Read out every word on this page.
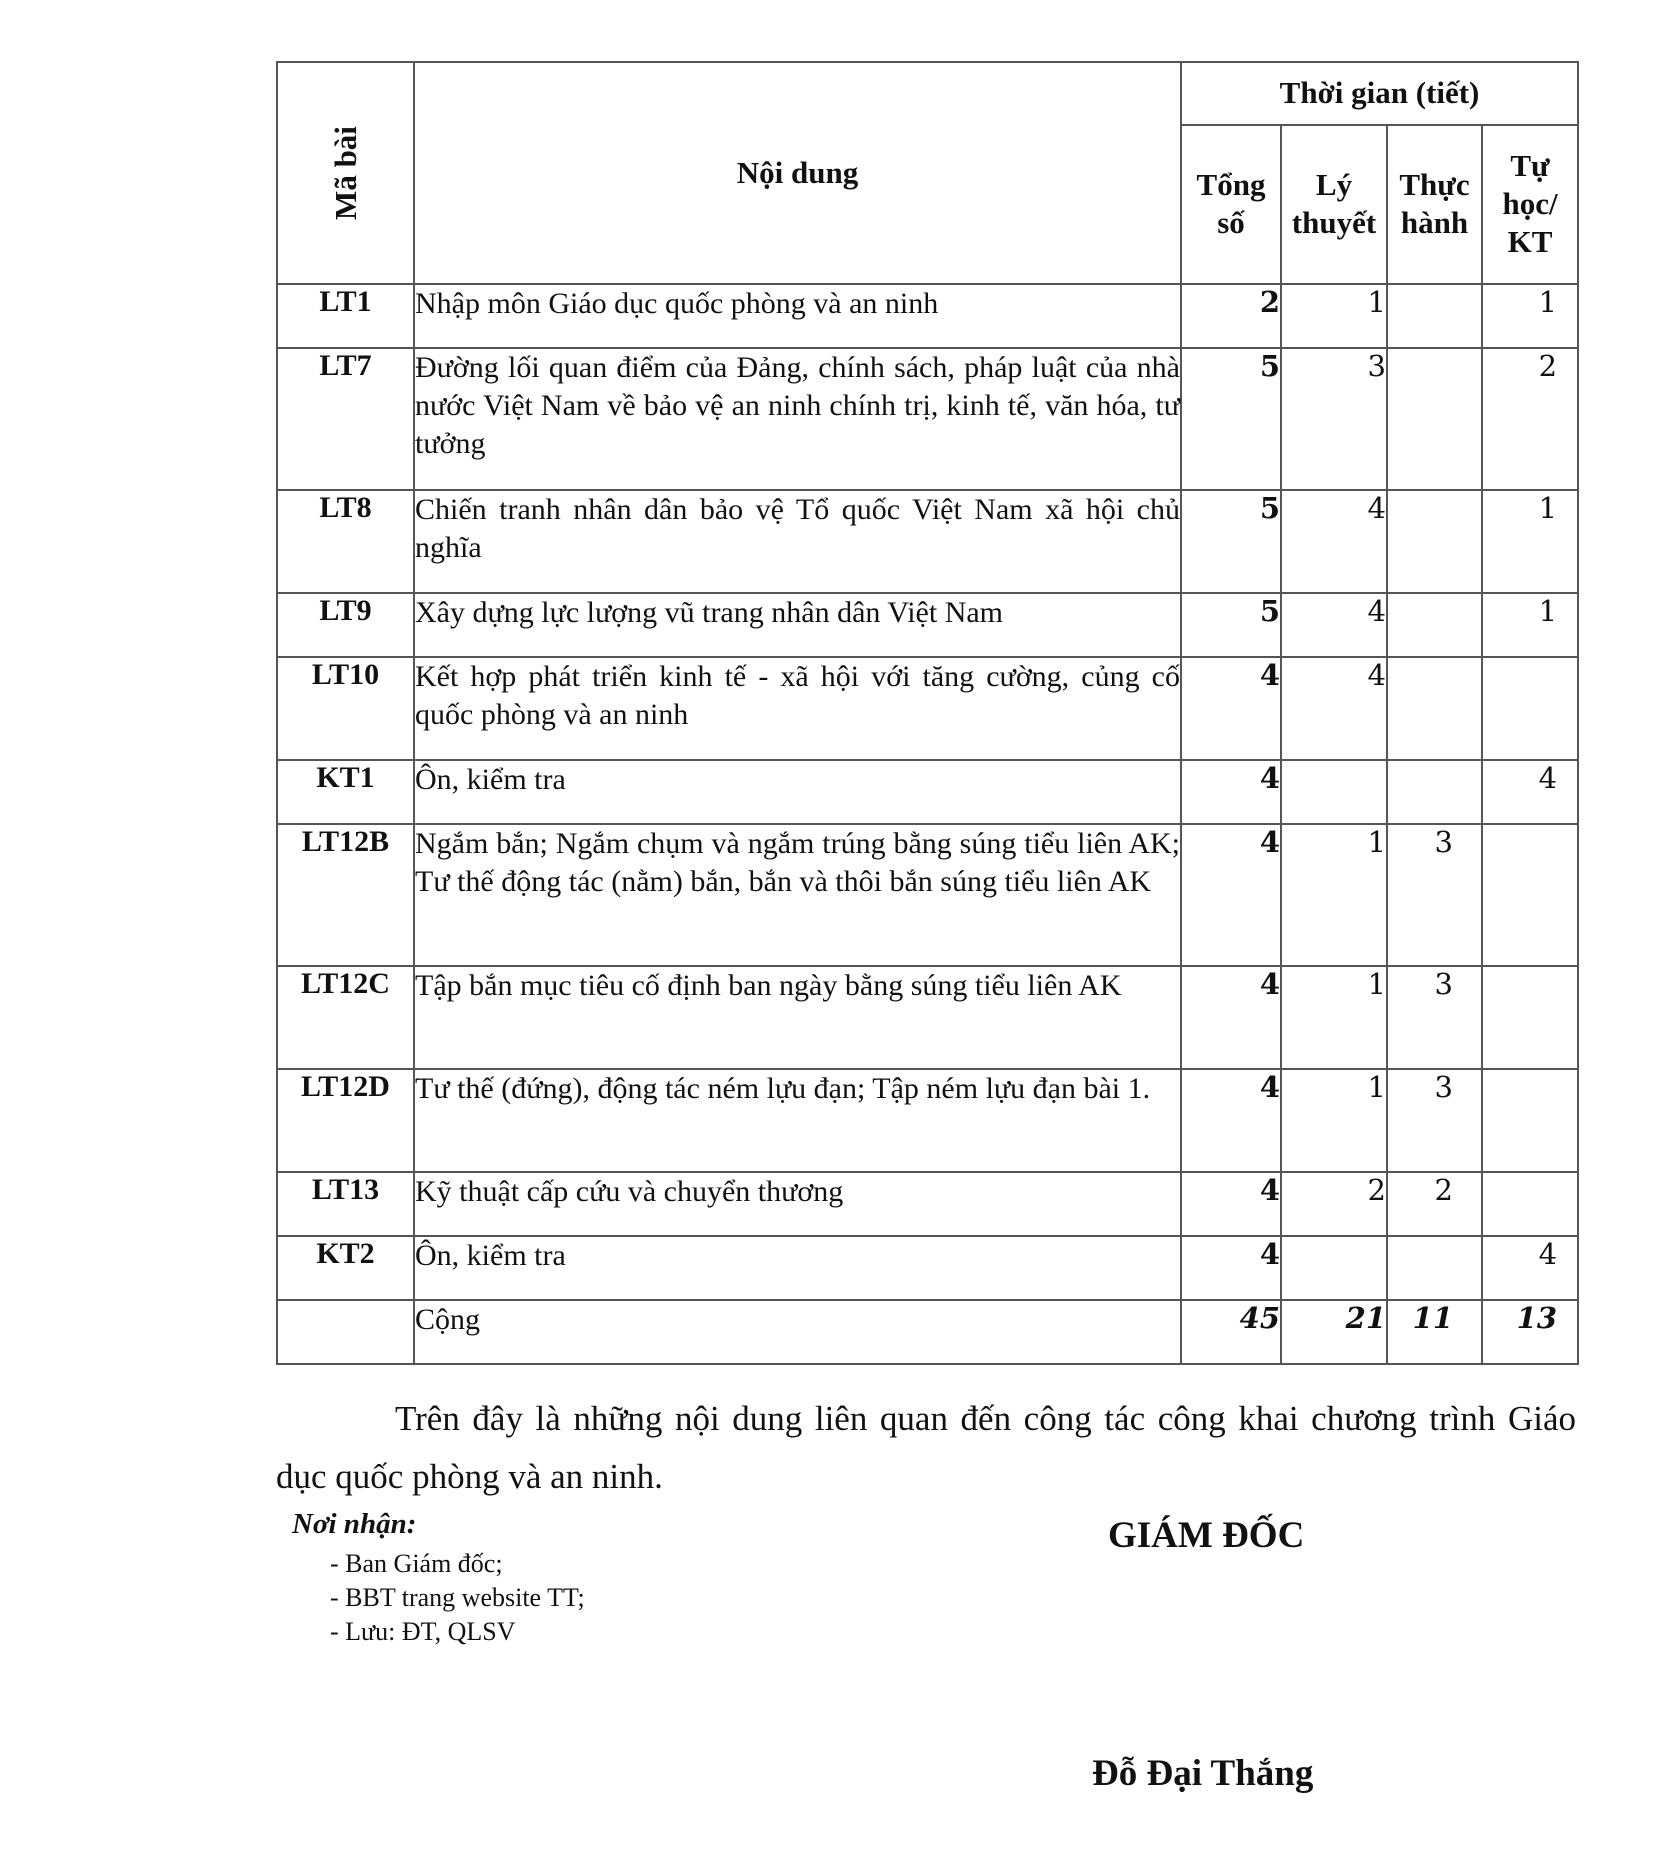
Mã bài	Nội dung	Thời gian (tiết)			
		Tổng số	Lý thuyết	Thực hành	Tự học/ KT
LT1	Nhập môn Giáo dục quốc phòng và an ninh	2	1		1
LT7	Đường lối quan điểm của Đảng, chính sách, pháp luật của nhà nước Việt Nam về bảo vệ an ninh chính trị, kinh tế, văn hóa, tư tưởng	5	3		2
LT8	Chiến tranh nhân dân bảo vệ Tổ quốc Việt Nam xã hội chủ nghĩa	5	4		1
LT9	Xây dựng lực lượng vũ trang nhân dân Việt Nam	5	4		1
LT10	Kết hợp phát triển kinh tế - xã hội với tăng cường, củng cố quốc phòng và an ninh	4	4		
KT1	Ôn, kiểm tra	4			4
LT12B	Ngắm bắn; Ngắm chụm và ngắm trúng bằng súng tiểu liên AK; Tư thế động tác (nằm) bắn, bắn và thôi bắn súng tiểu liên AK	4	1	3	
LT12C	Tập bắn mục tiêu cố định ban ngày bằng súng tiểu liên AK	4	1	3	
LT12D	Tư thế (đứng), động tác ném lựu đạn; Tập ném lựu đạn bài 1.	4	1	3	
LT13	Kỹ thuật cấp cứu và chuyển thương	4	2	2	
KT2	Ôn, kiểm tra	4			4
	Cộng	45	21	11	13
Trên đây là những nội dung liên quan đến công tác công khai chương trình Giáo dục quốc phòng và an ninh.
Nơi nhận:
- Ban Giám đốc;
- BBT trang website TT;
- Lưu: ĐT, QLSV
GIÁM ĐỐC
Đỗ Đại Thắng
